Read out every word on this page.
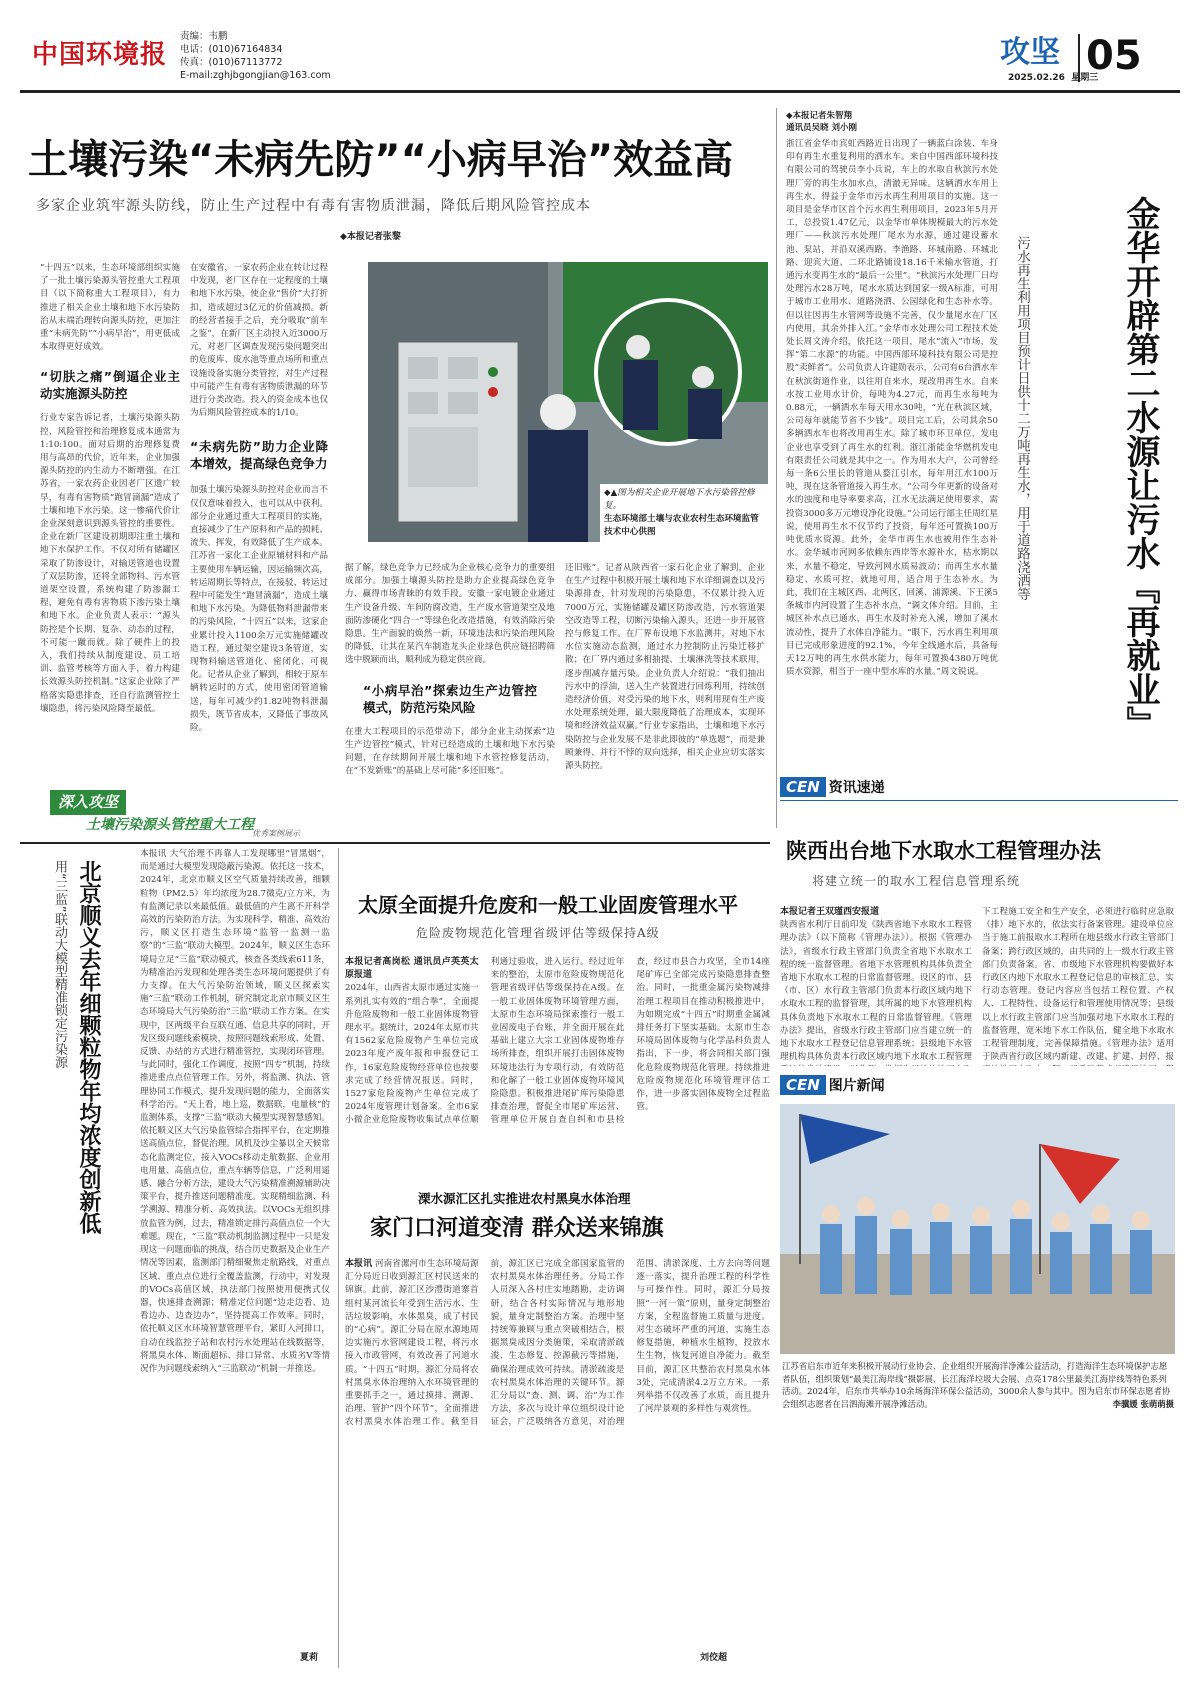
中国环境报
责编：韦鹏
电话：(010)67164834
传真：(010)67113772
E-mail:zghjbgongjian@163.com
攻坚 05
2025.02.26 星期三
土壤污染“未病先防”“小病早治”效益高
多家企业筑牢源头防线，防止生产过程中有毒有害物质泄漏，降低后期风险管控成本
◆本报记者张黎

“十四五”以来，生态环境部组织实施了一批土壤污染源头管控重大工程项目（以下简称重大工程项目），有力推进了相关企业土壤和地下水污染防治从末端治理转向源头防控，更加注重“未病先防”“小病早治”，用更低成本取得更好成效。

“切肤之痛”倒逼企业主动实施源头防控

行业专家告诉记者，土壤污染源头防控、风险管控和治理修复成本通常为1:10:100。面对后期的治理修复费用与高昂的代价，近年来，企业加强源头防控的内生动力不断增强。在江苏省，一家农药企业因老厂区遗广较早，有毒有害物质“跑冒滴漏”造成了土壤和地下水污染。这一惨痛代价让企业深刻意识到源头管控的重要性。企业在新厂区建设初期即注重土壤和地下水保护工作。不仅对所有储罐区采取了防渗设计，对输送管道也设置了双层防渗，还将全部物料、污水管道架空设置，系统构建了防渗漏工程，避免有毒有害物质下渗污染土壤和地下水。企业负责人表示：“源头防控是个长期、复杂、动态的过程，不可能一蹴而就。除了硬件上的投入，我们持续从制度建设、员工培训、监管考核等方面入手，着力构建长效源头防控机制。”这家企业除了严格落实隐患排查，还自行监测管控土壤隐患，将污染风险降至最低。

在安徽省，一家农药企业在转让过程中发现，老厂区存在一定程度的土壤和地下水污染，使企业“售价”大打折扣，造成超过3亿元的价值减损。新的经营者接手之后，充分吸取“前车之鉴”，在新厂区主动投入近3000万元，对老厂区调查发现污染问题突出的危废库、废水池等重点场所和重点设施设备实施分类管控，对生产过程中可能产生有毒有害物质泄漏的环节进行分类改造。投入的资金成本也仅为后期风险管控成本的1/10。

“未病先防”助力企业降本增效，提高绿色竞争力

加强土壤污染源头防控对企业而言不仅仅意味着投入，也可以从中获利。部分企业通过重大工程项目的实施，直接减少了生产原料和产品的损耗、流失、挥发，有效降低了生产成本。江苏省一家化工企业原辅材料和产品主要使用车辆运输，因运输频次高，转运周期长等特点，在接驳、转运过程中可能发生“跑冒滴漏”，造成土壤和地下水污染。为降低物料泄漏带来的污染风险，“十四五”以来，这家企业累计投入1100余万元实施储罐改造工程，通过架空建设3条管道，实现物料输送管道化、密闭化、可视化。记者从企业了解到，相较于原车辆转运时的方式，使用密闭管道输送，每年可减少约1.82吨物料泄漏损失，既节省成本，又降低了事故风险。

◆▲图为相关企业开展地下水污染管控修复。
生态环境部土壤与农业农村生态环境监管技术中心供图

据了解，绿色竞争力已经成为企业核心竞争力的重要组成部分。加强土壤源头防控是助力企业提高绿色竞争力、赢得市场青睐的有效手段。安徽一家电镀企业通过生产设备升级、车间防腐改造，生产废水管道架空及地面防渗硬化“四合一”等绿色化改造措施，有效消除污染隐患。生产面貌的焕然一新，环境违法和污染治理风险的降低，让其在某汽车制造龙头企业绿色供应链招聘筛选中脱颖而出，顺利成为稳定供应商。

“小病早治”探索边生产边管控模式，防范污染风险

在重大工程项目的示范带动下，部分企业主动探索“边生产边管控”模式，针对已经造成的土壤和地下水污染问题，在存续期间开展土壤和地下水管控修复活动，在“不发新账”的基础上尽可能“多还旧账”。

还旧账”。记者从陕西省一家石化企业了解到，企业在生产过程中积极开展土壤和地下水详细调查以及污染源排查，针对发现的污染隐患，不仅累计投入近7000万元，实施储罐及罐区防渗改造，污水管道架空改造等工程，切断污染输入源头，还进一步开展管控与修复工作。在厂界布设地下水监测井，对地下水水位实施动态监测，通过水力控制防止污染迁移扩散；在厂界内通过多相抽提、土壤淋洗等技术联用，逐步削减存量污染。企业负责人介绍说：“我们抽出污水中的浮油，送入生产装置进行回炼利用，持续创造经济价值，对受污染的地下水，则利用现有生产废水处理系统处理，最大限度降低了治理成本，实现环境和经济效益双赢。”行业专家指出，土壤和地下水污染防控与企业发展不是非此即彼的“单选题”，而是兼顾兼得、并行不悖的双向选择，相关企业应切实落实源头防控。

深入攻坚
土壤污染源头管控重大工程
优秀案例展示
◆本报记者朱智翔
通讯员吴晓 刘小刚

浙江省金华市宾虹西路近日出现了一辆蓝白涂装、车身印有再生水重复利用的洒水车。来自中国西部环境科技有限公司的驾驶员李小兵说，车上的水取自秋滨污水处理厂旁的再生水加水点，清澈无异味。这辆洒水车用上再生水，得益于金华市污水再生利用项目的实施。这一项目是金华市区首个污水再生利用项目，2023年5月开工，总投资1.47亿元，以金华市单体规模最大的污水处理厂——秋滨污水处理厂尾水为水源，通过建设蓄水池、泵站，并沿双溪西路、李渔路、环城南路、环城北路、迎宾大道、二环北路铺设18.16千米输水管道，打通污水变再生水的“最后一公里”。“秋滨污水处理厂日均处理污水28万吨，尾水水质达到国家一级A标准，可用于城市工业用水、道路浇洒、公园绿化和生态补水等。但以往因再生水管网等设施不完善，仅少量尾水在厂区内使用，其余外排入江。”金华市水处理公司工程技术处处长周文涛介绍，依托这一项目，尾水“流入”市场，发挥“第二水源”的功能。中国西部环境科技有限公司是控股“卖鲜者”。公司负责人许建勋表示，公司有6台洒水车在秋滨街道作业，以往用自来水，现改用再生水。自来水按工业用水计价，每吨为4.27元，而再生水每吨为0.88元，一辆洒水车每天用水30吨，“光在秋滨区域，公司每年就能节省不少钱”。项目完工后，公司其余50多辆洒水车也将改用再生水。除了城市环卫单位，发电企业也享受到了再生水的红利。浙江浙能金华燃机发电有限责任公司就是其中之一。作为用水大户，公司曾经每一条6公里长的管道从婺江引水，每年用江水100万吨，现在这条管道接入再生水。“公司今年更新的设备对水的浊度和电导率要求高，江水无法满足使用要求，需投资3000多万元增设净化设施。”公司运行部主任周红星说，使用再生水不仅节约了投资，每年还可置换100万吨优质水资源。此外，金华市再生水也被用作生态补水。金华城市河网多依赖东西岸等水源补水，枯水期以来，水量不稳定，导致河网水质易波动；而再生水水量稳定、水质可控，就地可用，适合用于生态补水。为此，我们在主城区西、北两区，回溪、浦源溪、下王溪5条城市内河设置了生态补水点，“调文体介绍。目前，主城区补水点已通水，再生水及时补充入溪，增加了溪水流动性，提升了水体自净能力。“眼下，污水再生利用项目已完成形象进度的92.1%，今年全线通水后，具备每天12万吨的再生水供水能力，每年可置换4380万吨优质水资源，相当于一座中型水库的水量。”周文锐说。	金华开辟第二水源让污水『再就业』
污水再生利用项目预计日供十二万吨再生水，用于道路浇洒等
CEN 资讯速递
陕西出台地下水取水工程管理办法
将建立统一的取水工程信息管理系统
本报记者王双瑾西安报道

陕西省水利厅日前印发《陕西省地下水取水工程管理办法》（以下简称《管理办法》）。根据《管理办法》，省级水行政主管部门负责全省地下水取水工程的统一监督管理。省地下水管理机构具体负责全省地下水取水工程的日常监督管理。设区的市、县（市、区）水行政主管部门负责本行政区域内地下水取水工程的监督管理，其所属的地下水管理机构具体负责地下水取水工程的日常监督管理。《管理办法》提出，省级水行政主管部门应当建立统一的地下水取水工程登记信息管理系统；县级地下水管理机构具体负责本行政区域内地下水取水工程管理

下工程施工安全和生产安全，必须进行临时应急取（排）地下水的，依法实行备案管理。建设单位应当于施工前报取水工程所在地县级水行政主管部门备案；跨行政区域的，由共同的上一级水行政主管部门负责备案。省、市级地下水管理机构要做好本行政区内地下水取水工程登记信息的审核汇总，实行动态管理。登记内容应当包括工程位置、产权人、工程特性、设备运行和管理使用情况等；县级以上水行政主管部门应当加强对地下水取水工程的监督管理，宽米地下水工作队伍，健全地下水取水工程管理制度，完善保障措施。《管理办法》适用于陕西省行政区域内新建、改建、扩建、封停、报

CEN 图片新闻
江苏省启东市近年来积极开展动行业协会、企业组织开展海洋净滩公益活动，打造海洋生态环境保护志愿者队伍，组织策划“最美江海岸线”摄影展、长江海洋垃圾大会展、点亮178公里最美江海岸线等特色系列活动。2024年，启东市共举办10余场海洋环保公益活动，3000余人参与其中。图为启东市环保志愿者协会组织志愿者在吕泗海滩开展净滩活动。	李骥媛 张萌萌摄
用“三监”联动大模型精准锁定污染源 北京顺义去年细颗粒物年均浓度创新低

本报讯 大气治理不再靠人工发现哪里“冒黑烟”，而是通过大模型发现隐蔽污染源。依托这一技术，2024年，北京市顺义区空气质量持续改善，细颗粒物（PM2.5）年均浓度为28.7微克/立方米，为有监测记录以来最低值。最低值的产生离不开科学高效的污染防治方法。为实现科学、精准、高效治污，顺义区打造生态环境“监管一监测一监察”的“三监”联动大模型。2024年，顺义区生态环境局立足“三监”联动模式，核查各类线索611条，为精准治污发现和处理各类生态环境问题提供了有力支撑。在大气污染防治领域，顺义区探索实施“三监”联动工作机制，研究制定北京市顺义区生态环境局大气污染防治“三监”联动工作方案。在实现中，区两级平台互联互通、信息共享的同时，开发区级问题线索模块，按照问题线索形成、处置、反馈、办结的方式进行精准管控，实现闭环管理。与此同时，强化工作调度，按照“四专”机制，持续推进重点点位管理工作。另外，将监测、执法、管理协同工作模式，提升发现问题的能力，全面落实科学治污。“天上看，地上巡，数据联，电量核”的监测体系，支撑“三监”联动大模型实现智慧感知。依托顺义区大气污染监管综合指挥平台，在定期推送高值点位，督促治理。风机及沙尘暴以全天候常态化监测定位，接入VOCs移动走航数据、企业用电用量、高值点位，重点车辆等信息，广泛利用遥感、融合分析方法，建设大气污染精准溯源辅助决策平台，提升推送问题精准度。实现精细监测、科学溯源、精准分析、高效执法。以VOCs无组织排放监管为例，过去，精准锁定排污高值点位一个大难题。现在，“三监”联动机制监测过程中一只是发现这一问题面临的挑战，结合历史数据及企业生产情况等因素，监测部门精细聚焦走航路线，对重点区域、重点点位进行全覆盖监测，行动中，对发现的VOCs高值区域，执法部门按照使用便携式仪器，快速排查溯源；精准定位问题“边走边看、边看边办、边查边办”，坚持提高工作效率。同时，依托顺义区水环境智慧管理平台，紧盯入河排口，自动在线监控子站和农村污水处理站在线数据等，将黑臭水体、断面超标、排口异常、水质劣V等情况作为问题线索纳入“三监联动”机制一并推送。

夏莉
太原全面提升危废和一般工业固废管理水平
危险废物规范化管理省级评估等级保持A级
本报记者高岗松 通讯员卢英英太原报道

2024年，山西省太原市通过实施一系列扎实有效的“组合拳”，全面提升危险废物和一般工业固体废物管理水平。据统计，2024年太原市共有1562家危险废物产生单位完成2023年度产废年报和申报登记工作，16家危险废物经营单位也按要求完成了经营情况报送。同时，1527家危险废物产生单位完成了2024年度管理计划备案。全市6家小微企业危险废物收集试点单位顺利通过验收，进入运行。经过近年来的整治，太原市危险废物规范化管理省级评估等级保持在A级。在一般工业固体废物环境管理方面，太原市生态环境局探索推行一般工业固废电子台账，并全面开展在此基础上建立大宗工业固体废物堆存场所排查，组织开展打击固体废物环境违法行为专项行动，有效防范和化解了一般工业固体废物环境风险隐患。积极推进尾矿库污染隐患排查治理，督促全市尾矿库运营、管理单位开展自查自纠和市县检查，经过市县合力攻坚，全市14座尾矿库已全部完成污染隐患排查整治。同时，一批重金属污染物减排治理工程项目在推动积极推进中，为如期完成“十四五”时期重金属减排任务打下坚实基础。太原市生态环境局固体废物与化学品科负责人指出，下一步，将会同相关部门强化危险废物规范化管理。持续推进危险废物规范化环境管理评估工作，进一步落实固体废物全过程监管。

溧水源汇区扎实推进农村黑臭水体治理
家门口河道变清 群众送来锦旗
本报讯 河南省漯河市生态环境局源汇分局近日收到源汇区村民送来的锦旗。此前，源汇区沙澧街道寨首组村某河流长年受到生活污水、生活垃圾影响，水体黑臭，成了村民的“心病”。源汇分局在原水源地周边实施污水管网建设工程，将污水接入市政管网，有效改善了河道水质。“十四五”时期，源汇分局将农村黑臭水体治理纳入水环境管理的重要抓手之一，通过摸排、溯源、治理、管护“四个环节”，全面推进农村黑臭水体治理工作。截至目前，源汇区已完成全部国家监管的农村黑臭水体治理任务。分局工作人员深入各村庄实地踏勘，走访调研，结合各村实际情况与地形地貌，量身定制整治方案。治理中坚持统筹兼顾与重点突破相结合，根据黑臭成因分类施策，采取清淤疏浚、生态修复、控源截污等措施，确保治理成效可持续。清淤疏浚是农村黑臭水体治理的关键环节。源汇分局以“查、测、调、治”为工作方法，多次与设计单位组织设计论证会，广泛吸纳各方意见，对治理范围、清淤深度、土方去向等问题逐一落实，提升治理工程的科学性与可操作性。同时，源汇分局按照“一河一策”原则，量身定制整治方案，全程监督施工质量与进度。对生态破坏严重的河道，实施生态修复措施，种植水生植物，投放水生生物，恢复河道自净能力。截至目前，源汇区共整治农村黑臭水体3处，完成清淤4.2万立方米。一系列举措不仅改善了水质，而且提升了河岸景观的多样性与观赏性。
刘佼超
